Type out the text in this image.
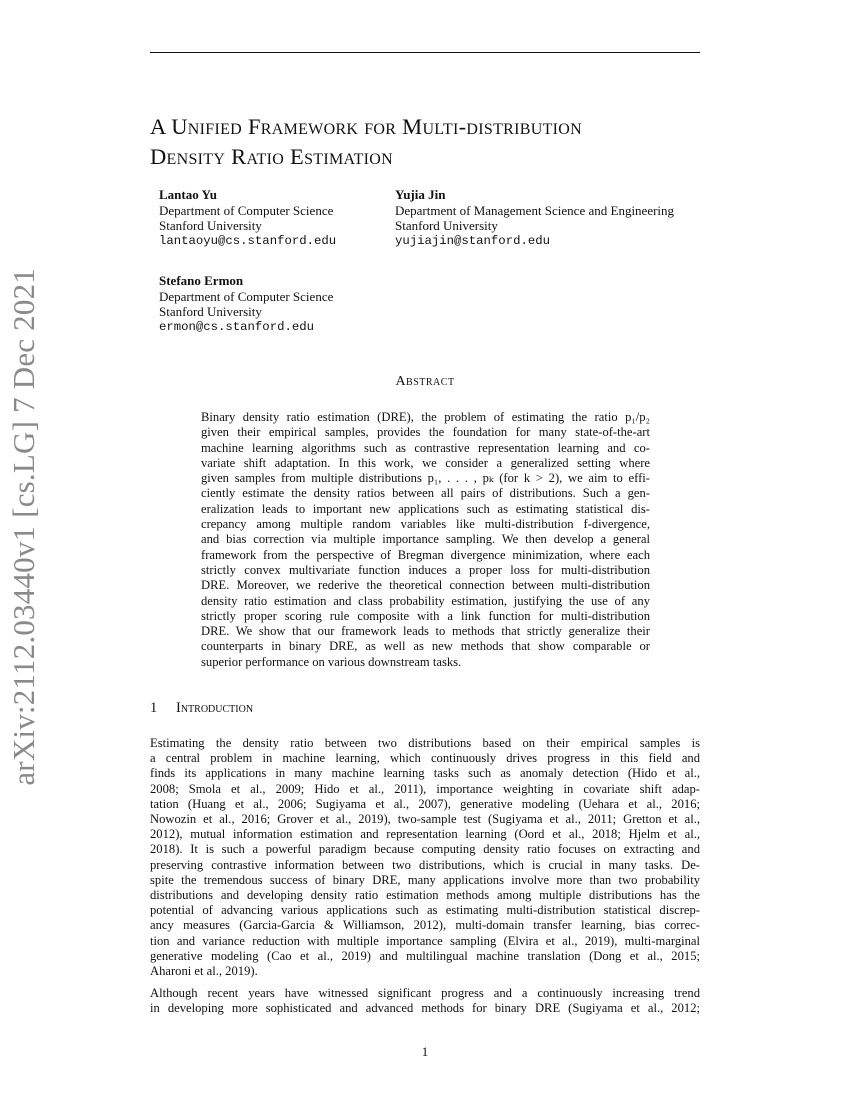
A Unified Framework for Multi-distribution
Density Ratio Estimation
Lantao Yu
Department of Computer Science
Stanford University
lantaoyu@cs.stanford.edu
Yujia Jin
Department of Management Science and Engineering
Stanford University
yujiajin@stanford.edu
Stefano Ermon
Department of Computer Science
Stanford University
ermon@cs.stanford.edu
arXiv:2112.03440v1 [cs.LG] 7 Dec 2021	Abstract
Binary density ratio estimation (DRE), the problem of estimating the ratio p₁/p₂
given their empirical samples, provides the foundation for many state-of-the-art
machine learning algorithms such as contrastive representation learning and co-
variate shift adaptation. In this work, we consider a generalized setting where
given samples from multiple distributions p₁, . . . , pₖ (for k > 2), we aim to effi-
ciently estimate the density ratios between all pairs of distributions. Such a gen-
eralization leads to important new applications such as estimating statistical dis-
crepancy among multiple random variables like multi-distribution f-divergence,
and bias correction via multiple importance sampling. We then develop a general
framework from the perspective of Bregman divergence minimization, where each
strictly convex multivariate function induces a proper loss for multi-distribution
DRE. Moreover, we rederive the theoretical connection between multi-distribution
density ratio estimation and class probability estimation, justifying the use of any
strictly proper scoring rule composite with a link function for multi-distribution
DRE. We show that our framework leads to methods that strictly generalize their
counterparts in binary DRE, as well as new methods that show comparable or
superior performance on various downstream tasks.
1 Introduction
Estimating the density ratio between two distributions based on their empirical samples is
a central problem in machine learning, which continuously drives progress in this field and
finds its applications in many machine learning tasks such as anomaly detection (Hido et al.,
2008; Smola et al., 2009; Hido et al., 2011), importance weighting in covariate shift adap-
tation (Huang et al., 2006; Sugiyama et al., 2007), generative modeling (Uehara et al., 2016;
Nowozin et al., 2016; Grover et al., 2019), two-sample test (Sugiyama et al., 2011; Gretton et al.,
2012), mutual information estimation and representation learning (Oord et al., 2018; Hjelm et al.,
2018). It is such a powerful paradigm because computing density ratio focuses on extracting and
preserving contrastive information between two distributions, which is crucial in many tasks. De-
spite the tremendous success of binary DRE, many applications involve more than two probability
distributions and developing density ratio estimation methods among multiple distributions has the
potential of advancing various applications such as estimating multi-distribution statistical discrep-
ancy measures (Garcia-Garcia & Williamson, 2012), multi-domain transfer learning, bias correc-
tion and variance reduction with multiple importance sampling (Elvira et al., 2019), multi-marginal
generative modeling (Cao et al., 2019) and multilingual machine translation (Dong et al., 2015;
Aharoni et al., 2019).
Although recent years have witnessed significant progress and a continuously increasing trend
in developing more sophisticated and advanced methods for binary DRE (Sugiyama et al., 2012;
1
